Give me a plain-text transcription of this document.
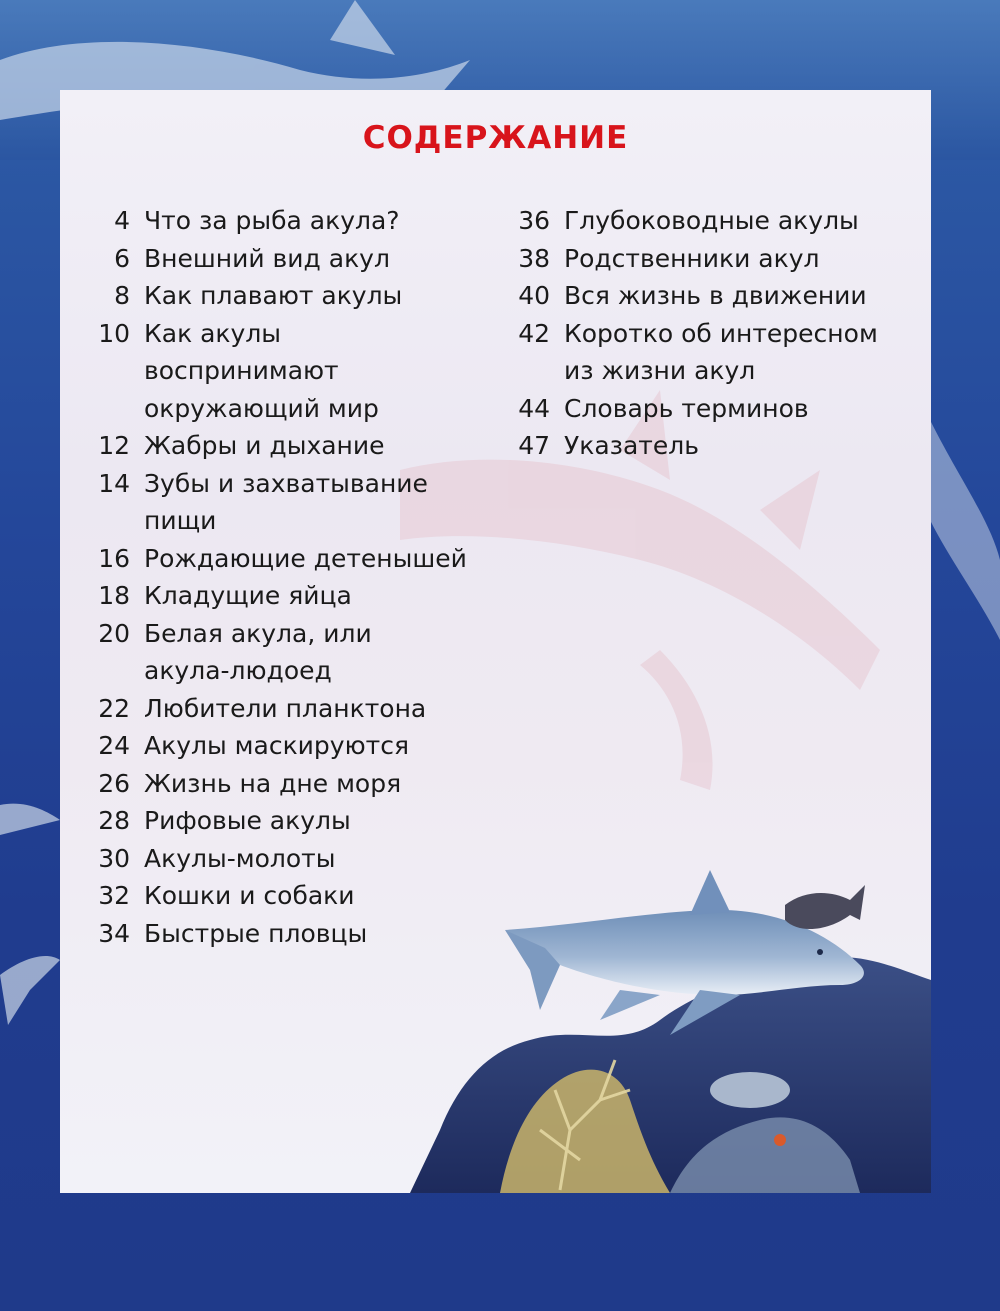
СОДЕРЖАНИЕ
4 Что за рыба акула?
6 Внешний вид акул
8 Как плавают акулы
10 Как акулы
воспринимают
окружающий мир
12 Жабры и дыхание
14 Зубы и захватывание
пищи
16 Рождающие детенышей
18 Кладущие яйца
20 Белая акула, или
акула-людоед
22 Любители планктона
24 Акулы маскируются
26 Жизнь на дне моря
28 Рифовые акулы
30 Акулы-молоты
32 Кошки и собаки
34 Быстрые пловцы
36 Глубоководные акулы
38 Родственники акул
40 Вся жизнь в движении
42 Коротко об интересном
из жизни акул
44 Словарь терминов
47 Указатель
